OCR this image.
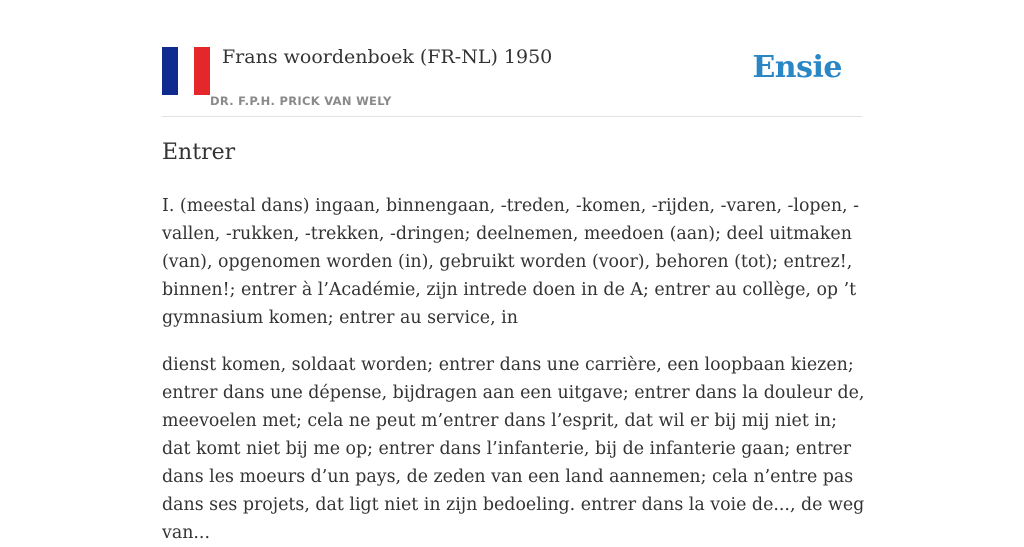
Frans woordenboek (FR-NL) 1950
DR. F.P.H. PRICK VAN WELY
Ensie
Entrer

I. (meestal dans) ingaan, binnengaan, -treden, -komen, -rijden, -varen, -lopen, -vallen, -rukken, -trekken, -dringen; deelnemen, meedoen (aan); deel uitmaken (van), opgenomen worden (in), gebruikt worden (voor), behoren (tot); entrez!, binnen!; entrer à l’Académie, zijn intrede doen in de A; entrer au collège, op ’t gymnasium komen; entrer au service, in

dienst komen, soldaat worden; entrer dans une carrière, een loopbaan kiezen; entrer dans une dépense, bijdragen aan een uitgave; entrer dans la douleur de, meevoelen met; cela ne peut m’entrer dans l’esprit, dat wil er bij mij niet in; dat komt niet bij me op; entrer dans l’infanterie, bij de infanterie gaan; entrer dans les moeurs d’un pays, de zeden van een land aannemen; cela n’entre pas dans ses projets, dat ligt niet in zijn bedoeling. entrer dans la voie de..., de weg van...
